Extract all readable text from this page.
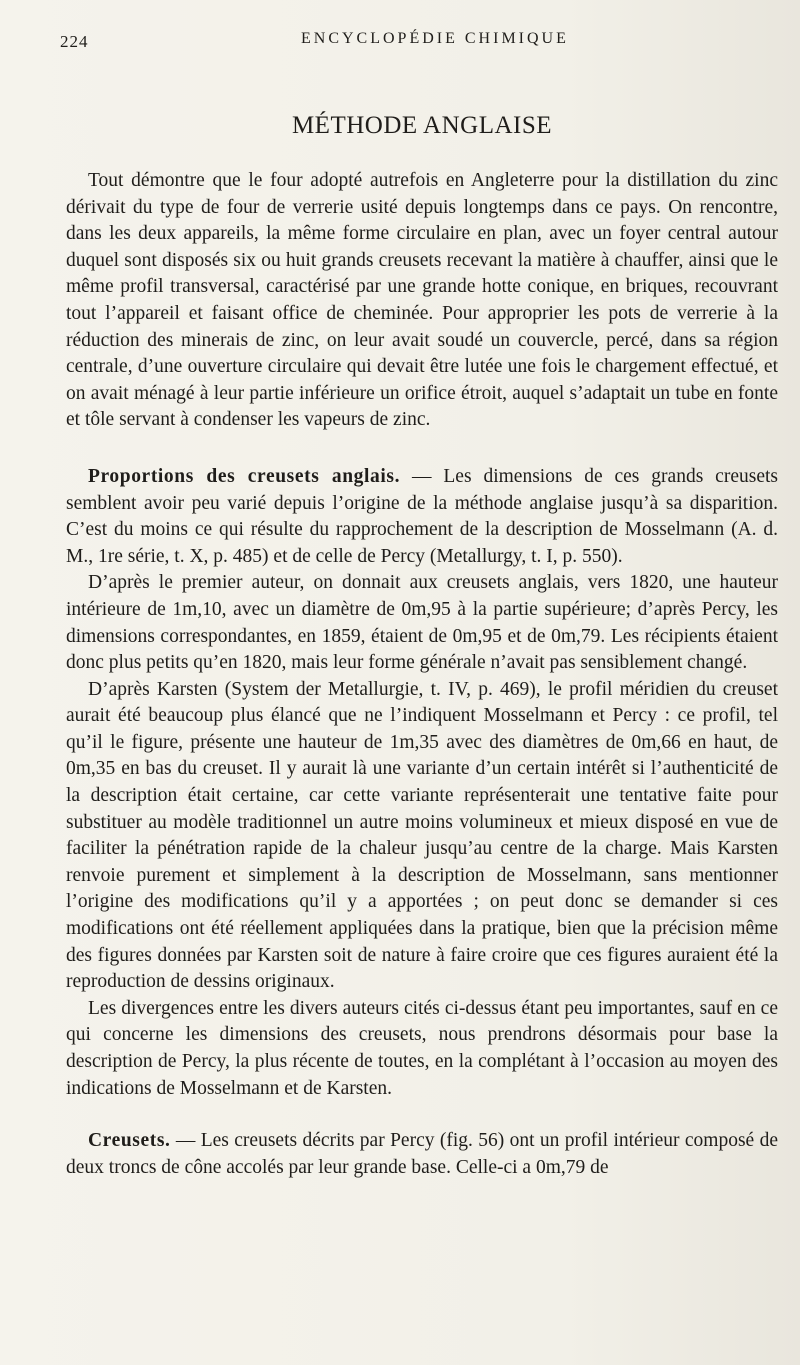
224	ENCYCLOPÉDIE CHIMIQUE
MÉTHODE ANGLAISE

Tout démontre que le four adopté autrefois en Angleterre pour la distillation du zinc dérivait du type de four de verrerie usité depuis longtemps dans ce pays. On rencontre, dans les deux appareils, la même forme circulaire en plan, avec un foyer central autour duquel sont disposés six ou huit grands creusets recevant la matière à chauffer, ainsi que le même profil transversal, caractérisé par une grande hotte conique, en briques, recouvrant tout l’appareil et faisant office de cheminée. Pour approprier les pots de verrerie à la réduction des minerais de zinc, on leur avait soudé un couvercle, percé, dans sa région centrale, d’une ouverture circulaire qui devait être lutée une fois le chargement effectué, et on avait ménagé à leur partie inférieure un orifice étroit, auquel s’adaptait un tube en fonte et tôle servant à condenser les vapeurs de zinc.

Proportions des creusets anglais. — Les dimensions de ces grands creusets semblent avoir peu varié depuis l’origine de la méthode anglaise jusqu’à sa disparition. C’est du moins ce qui résulte du rapprochement de la description de Mosselmann (A. d. M., 1re série, t. X, p. 485) et de celle de Percy (Metallurgy, t. I, p. 550).

D’après le premier auteur, on donnait aux creusets anglais, vers 1820, une hauteur intérieure de 1m,10, avec un diamètre de 0m,95 à la partie supérieure; d’après Percy, les dimensions correspondantes, en 1859, étaient de 0m,95 et de 0m,79. Les récipients étaient donc plus petits qu’en 1820, mais leur forme générale n’avait pas sensiblement changé.

D’après Karsten (System der Metallurgie, t. IV, p. 469), le profil méridien du creuset aurait été beaucoup plus élancé que ne l’indiquent Mosselmann et Percy : ce profil, tel qu’il le figure, présente une hauteur de 1m,35 avec des diamètres de 0m,66 en haut, de 0m,35 en bas du creuset. Il y aurait là une variante d’un certain intérêt si l’authenticité de la description était certaine, car cette variante représenterait une tentative faite pour substituer au modèle traditionnel un autre moins volumineux et mieux disposé en vue de faciliter la pénétration rapide de la chaleur jusqu’au centre de la charge. Mais Karsten renvoie purement et simplement à la description de Mosselmann, sans mentionner l’origine des modifications qu’il y a apportées ; on peut donc se demander si ces modifications ont été réellement appliquées dans la pratique, bien que la précision même des figures données par Karsten soit de nature à faire croire que ces figures auraient été la reproduction de dessins originaux.

Les divergences entre les divers auteurs cités ci-dessus étant peu importantes, sauf en ce qui concerne les dimensions des creusets, nous prendrons désormais pour base la description de Percy, la plus récente de toutes, en la complétant à l’occasion au moyen des indications de Mosselmann et de Karsten.

Creusets. — Les creusets décrits par Percy (fig. 56) ont un profil intérieur composé de deux troncs de cône accolés par leur grande base. Celle-ci a 0m,79 de
